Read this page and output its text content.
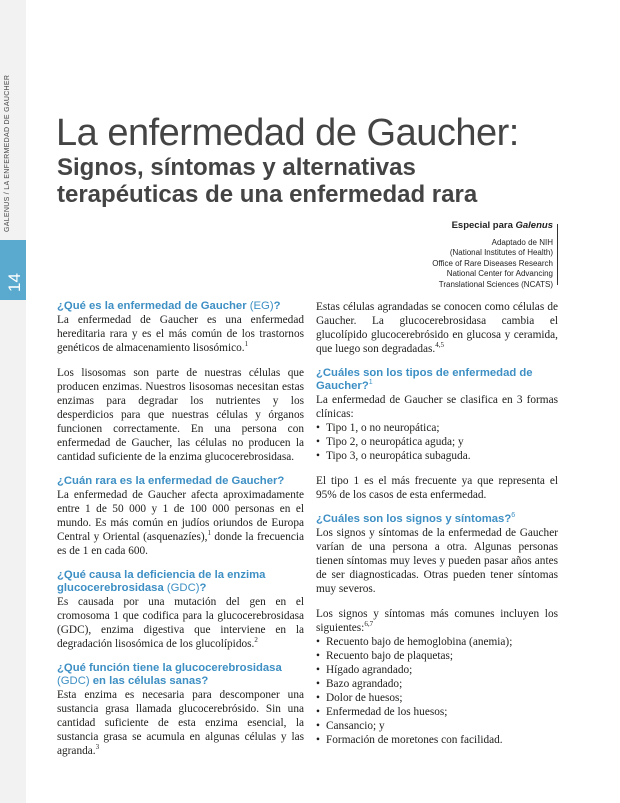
GALENUS / LA ENFERMEDAD DE GAUCHER
14
La enfermedad de Gaucher:
Signos, síntomas y alternativas terapéuticas de una enfermedad rara
Especial para Galenus
Adaptado de NIH
(National Institutes of Health)
Office of Rare Diseases Research
National Center for Advancing
Translational Sciences (NCATS)
¿Qué es la enfermedad de Gaucher (EG)?

La enfermedad de Gaucher es una enfermedad hereditaria rara y es el más común de los trastornos genéticos de almacenamiento lisosómico.$^1$

Los lisosomas son parte de nuestras células que producen enzimas. Nuestros lisosomas necesitan estas enzimas para degradar los nutrientes y los desperdicios para que nuestras células y órganos funcionen correctamente. En una persona con enfermedad de Gaucher, las células no producen la cantidad suficiente de la enzima glucocerebrosidasa.

¿Cuán rara es la enfermedad de Gaucher?

La enfermedad de Gaucher afecta aproximadamente entre 1 de 50 000 y 1 de 100 000 personas en el mundo. Es más común en judíos oriundos de Europa Central y Oriental (asquenazíes),$^1$ donde la frecuencia es de 1 en cada 600.

¿Qué causa la deficiencia de la enzima glucocerebrosidasa (GDC)?

Es causada por una mutación del gen en el cromosoma 1 que codifica para la glucocerebrosidasa (GDC), enzima digestiva que interviene en la degradación lisosómica de los glucolípidos.$^2$

¿Qué función tiene la glucocerebrosidasa (GDC) en las células sanas?

Esta enzima es necesaria para descomponer una sustancia grasa llamada glucocerebrósido. Sin una cantidad suficiente de esta enzima esencial, la sustancia grasa se acumula en algunas células y las agranda.$^3$

Estas células agrandadas se conocen como células de Gaucher. La glucocerebrosidasa cambia el glucolípido glucocerebrósido en glucosa y ceramida, que luego son degradadas.$^{4,5}$

¿Cuáles son los tipos de enfermedad de Gaucher?$^1$

La enfermedad de Gaucher se clasifica en 3 formas clínicas:

• Tipo 1, o no neuropática;
• Tipo 2, o neuropática aguda; y
• Tipo 3, o neuropática subaguda.

El tipo 1 es el más frecuente ya que representa el 95% de los casos de esta enfermedad.

¿Cuáles son los signos y síntomas?$^6$

Los signos y síntomas de la enfermedad de Gaucher varían de una persona a otra. Algunas personas tienen síntomas muy leves y pueden pasar años antes de ser diagnosticadas. Otras pueden tener síntomas muy severos.

Los signos y síntomas más comunes incluyen los siguientes:$^{6,7}$

• Recuento bajo de hemoglobina (anemia);
• Recuento bajo de plaquetas;
• Hígado agrandado;
• Bazo agrandado;
• Dolor de huesos;
• Enfermedad de los huesos;
• Cansancio; y
• Formación de moretones con facilidad.
